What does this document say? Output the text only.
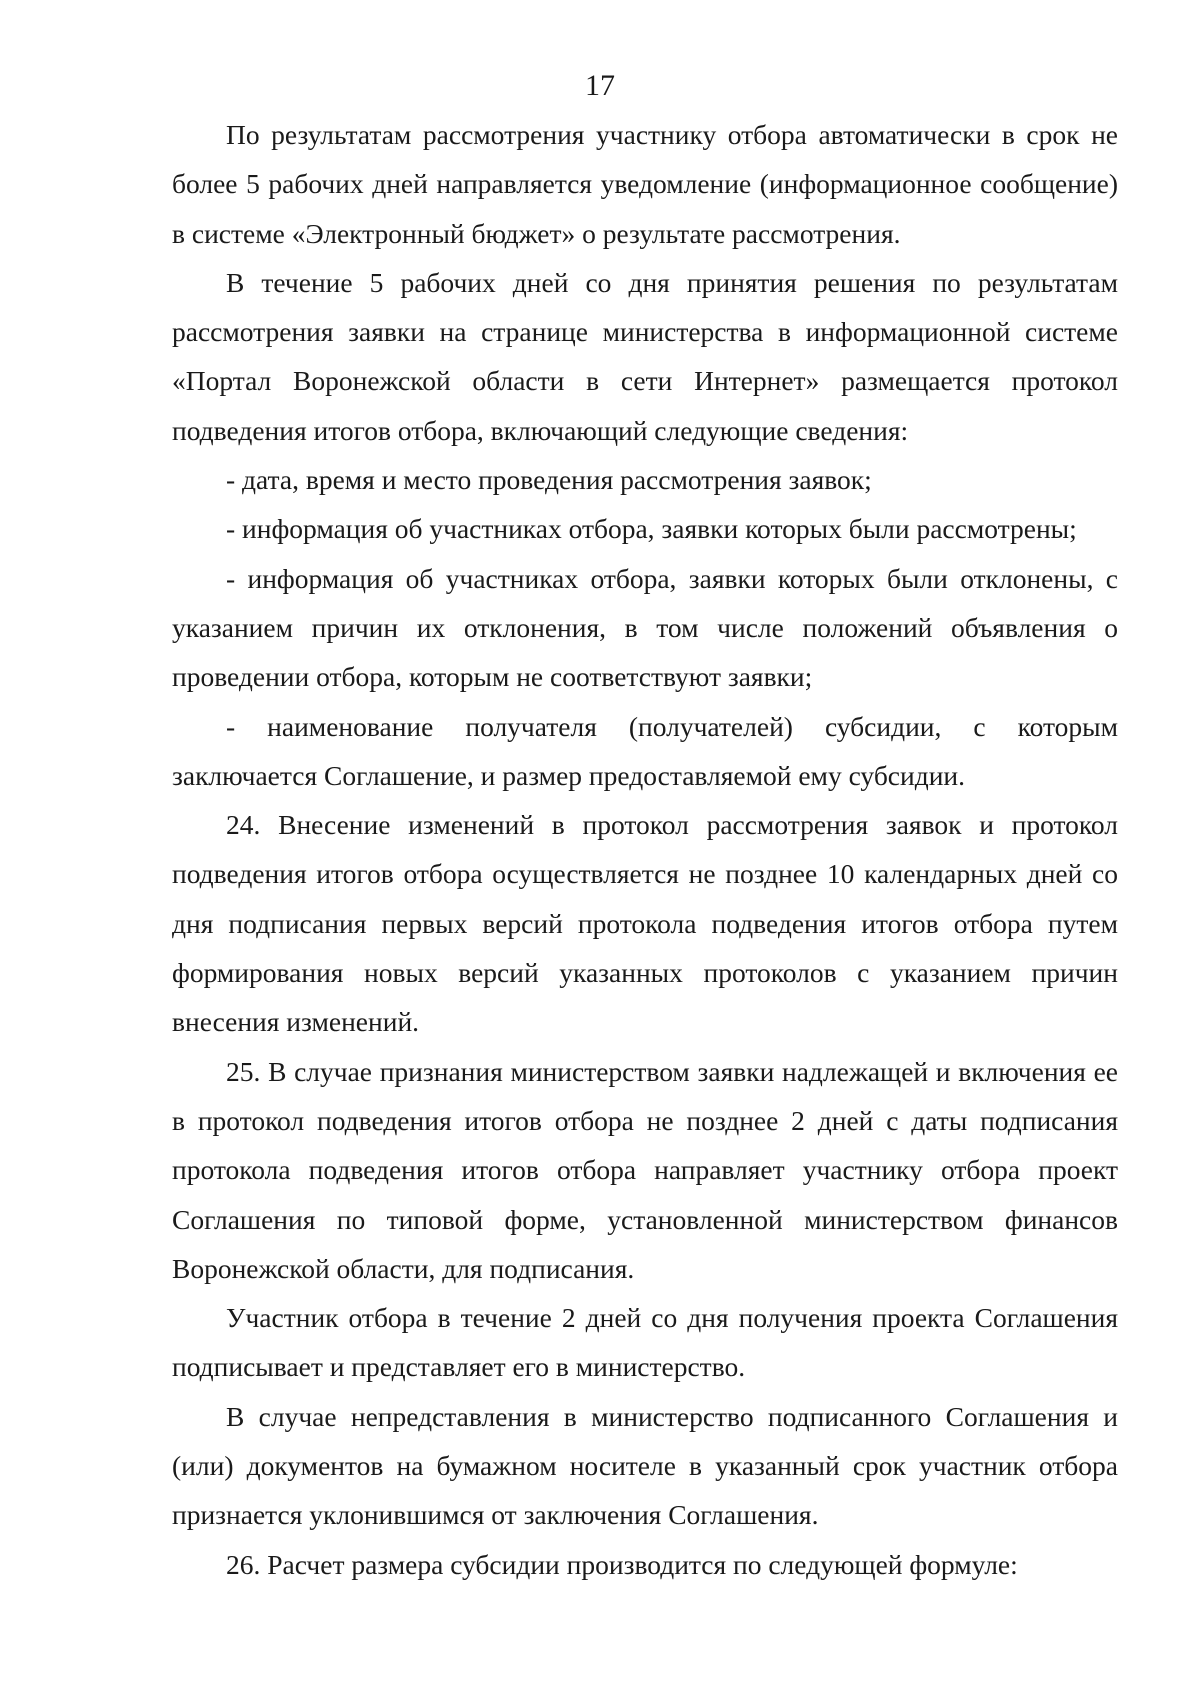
17

По результатам рассмотрения участнику отбора автоматически в срок не более 5 рабочих дней направляется уведомление (информационное сообщение) в системе «Электронный бюджет» о результате рассмотрения.

В течение 5 рабочих дней со дня принятия решения по результатам рассмотрения заявки на странице министерства в информационной системе «Портал Воронежской области в сети Интернет» размещается протокол подведения итогов отбора, включающий следующие сведения:

- дата, время и место проведения рассмотрения заявок;

- информация об участниках отбора, заявки которых были рассмотрены;

- информация об участниках отбора, заявки которых были отклонены, с указанием причин их отклонения, в том числе положений объявления о проведении отбора, которым не соответствуют заявки;

- наименование получателя (получателей) субсидии, с которым заключается Соглашение, и размер предоставляемой ему субсидии.

24. Внесение изменений в протокол рассмотрения заявок и протокол подведения итогов отбора осуществляется не позднее 10 календарных дней со дня подписания первых версий протокола подведения итогов отбора путем формирования новых версий указанных протоколов с указанием причин внесения изменений.

25. В случае признания министерством заявки надлежащей и включения ее в протокол подведения итогов отбора не позднее 2 дней с даты подписания протокола подведения итогов отбора направляет участнику отбора проект Соглашения по типовой форме, установленной министерством финансов Воронежской области, для подписания.

Участник отбора в течение 2 дней со дня получения проекта Соглашения подписывает и представляет его в министерство.

В случае непредставления в министерство подписанного Соглашения и (или) документов на бумажном носителе в указанный срок участник отбора признается уклонившимся от заключения Соглашения.

26. Расчет размера субсидии производится по следующей формуле:
